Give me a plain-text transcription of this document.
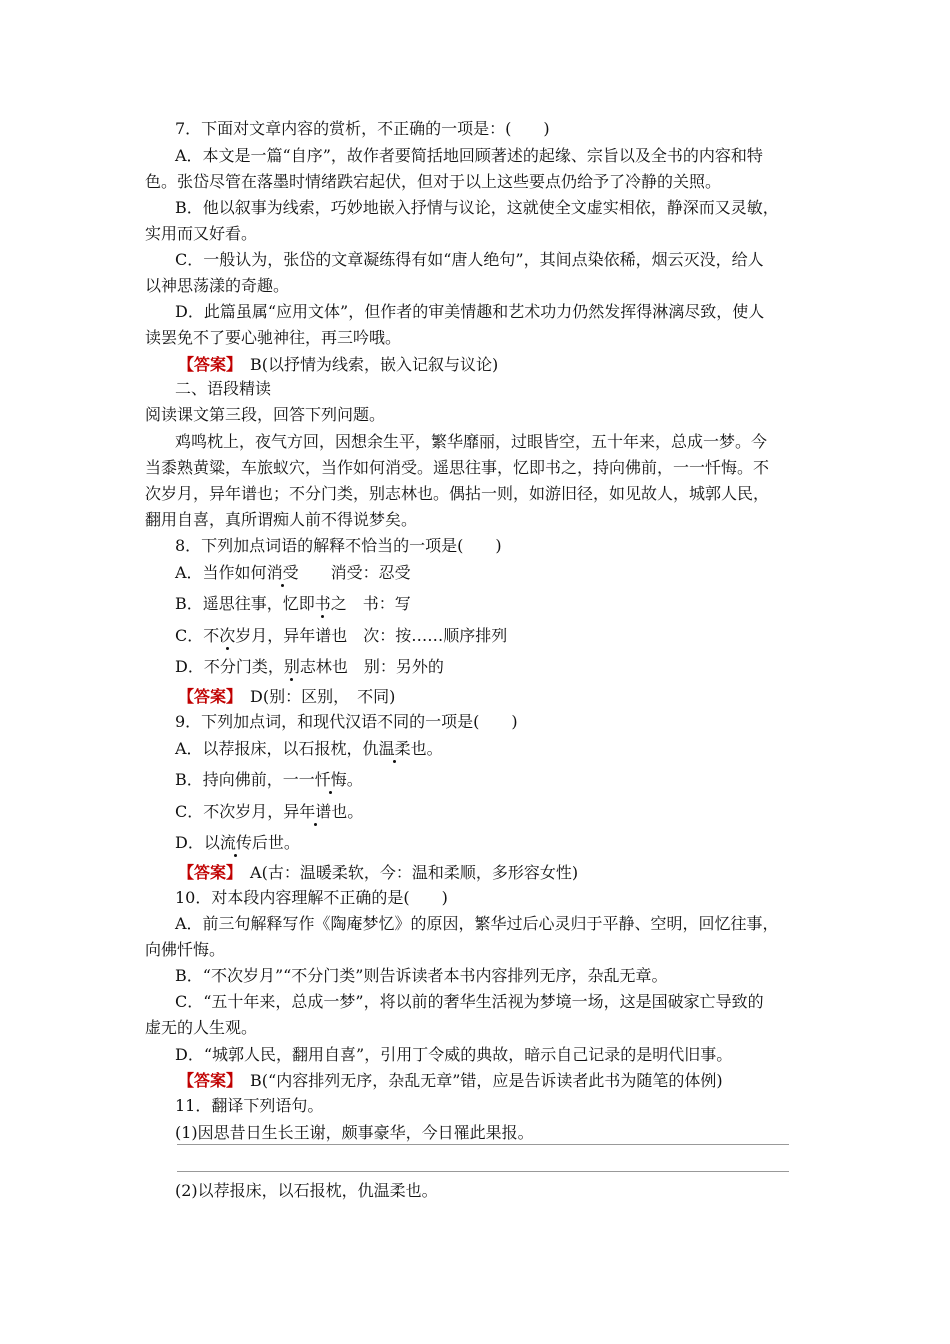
7．下面对文章内容的赏析，不正确的一项是：(　　)
A．本文是一篇“自序”，故作者要简括地回顾著述的起缘、宗旨以及全书的内容和特
色。张岱尽管在落墨时情绪跌宕起伏，但对于以上这些要点仍给予了冷静的关照。
B．他以叙事为线索，巧妙地嵌入抒情与议论，这就使全文虚实相依，静深而又灵敏，
实用而又好看。
C．一般认为，张岱的文章凝练得有如“唐人绝句”，其间点染依稀，烟云灭没，给人
以神思荡漾的奇趣。
D．此篇虽属“应用文体”，但作者的审美情趣和艺术功力仍然发挥得淋漓尽致，使人
读罢免不了要心驰神往，再三吟哦。
【答案】　B(以抒情为线索，嵌入记叙与议论)
二、语段精读
阅读课文第三段，回答下列问题。
鸡鸣枕上，夜气方回，因想余生平，繁华靡丽，过眼皆空，五十年来，总成一梦。今
当黍熟黄粱，车旅蚁穴，当作如何消受。遥思往事，忆即书之，持向佛前，一一忏悔。不
次岁月，异年谱也；不分门类，别志林也。偶拈一则，如游旧径，如见故人，城郭人民，
翻用自喜，真所谓痴人前不得说梦矣。
8．下列加点词语的解释不恰当的一项是(　　)
A．当作如何消受　　消受：忍受
B．遥思往事，忆即书之　书：写
C．不次岁月，异年谱也　次：按……顺序排列
D．不分门类，别志林也　别：另外的
【答案】　D(别：区别，　不同)
9．下列加点词，和现代汉语不同的一项是(　　)
A．以荐报床，以石报枕，仇温柔也。
B．持向佛前，一一忏悔。
C．不次岁月，异年谱也。
D．以流传后世。
【答案】　A(古：温暖柔软，今：温和柔顺，多形容女性)
10．对本段内容理解不正确的是(　　)
A．前三句解释写作《陶庵梦忆》的原因，繁华过后心灵归于平静、空明，回忆往事，
向佛忏悔。
B．“不次岁月”“不分门类”则告诉读者本书内容排列无序，杂乱无章。
C．“五十年来，总成一梦”，将以前的奢华生活视为梦境一场，这是国破家亡导致的
虚无的人生观。
D．“城郭人民，翻用自喜”，引用丁令威的典故，暗示自己记录的是明代旧事。
【答案】　B(“内容排列无序，杂乱无章”错，应是告诉读者此书为随笔的体例)
11．翻译下列语句。
(1)因思昔日生长王谢，颇事豪华，今日罹此果报。
(2)以荐报床，以石报枕，仇温柔也。
